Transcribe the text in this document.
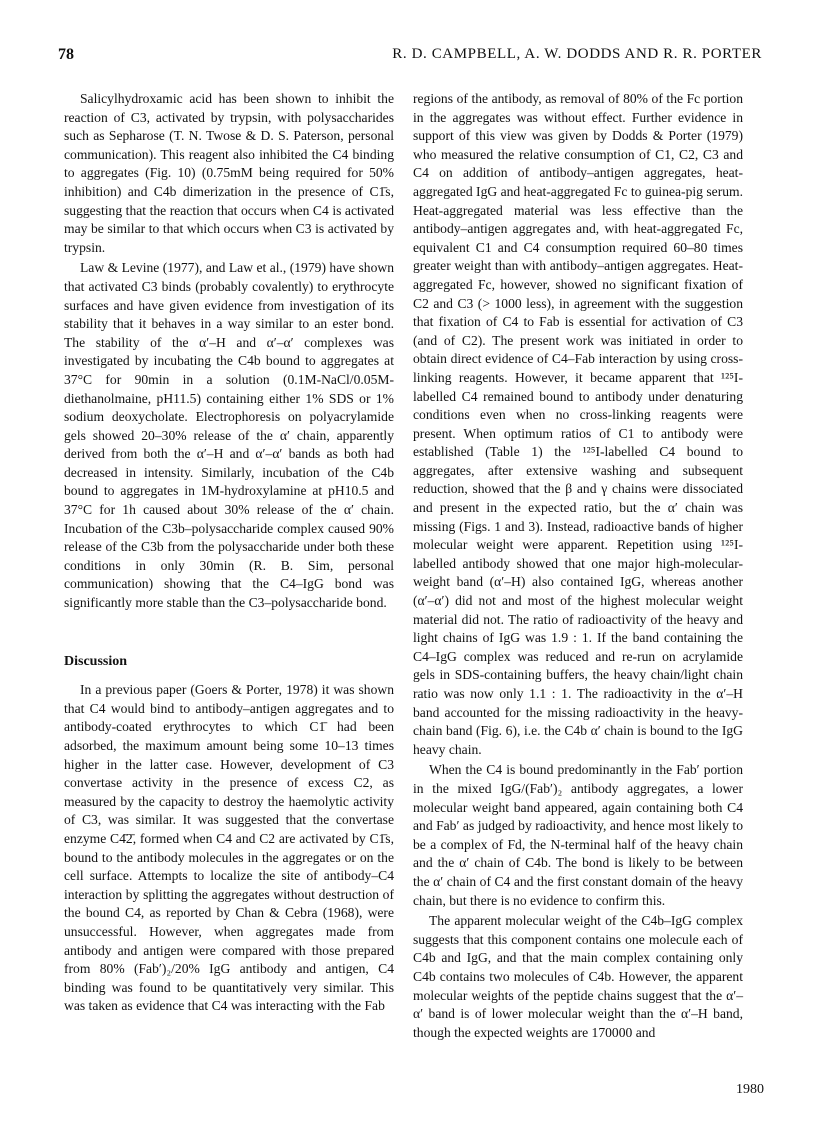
78	R. D. CAMPBELL, A. W. DODDS AND R. R. PORTER

Salicylhydroxamic acid has been shown to inhibit the reaction of C3, activated by trypsin, with polysaccharides such as Sepharose (T. N. Twose & D. S. Paterson, personal communication). This reagent also inhibited the C4 binding to aggregates (Fig. 10) (0.75mM being required for 50% inhibition) and C4b dimerization in the presence of C1̄s, suggesting that the reaction that occurs when C4 is activated may be similar to that which occurs when C3 is activated by trypsin.

Law & Levine (1977), and Law et al., (1979) have shown that activated C3 binds (probably covalently) to erythrocyte surfaces and have given evidence from investigation of its stability that it behaves in a way similar to an ester bond. The stability of the α′–H and α′–α′ complexes was investigated by incubating the C4b bound to aggregates at 37°C for 90min in a solution (0.1M-NaCl/0.05M-diethanolmaine, pH11.5) containing either 1% SDS or 1% sodium deoxycholate. Electrophoresis on polyacrylamide gels showed 20–30% release of the α′ chain, apparently derived from both the α′–H and α′–α′ bands as both had decreased in intensity. Similarly, incubation of the C4b bound to aggregates in 1M-hydroxylamine at pH10.5 and 37°C for 1h caused about 30% release of the α′ chain. Incubation of the C3b–polysaccharide complex caused 90% release of the C3b from the polysaccharide under both these conditions in only 30min (R. B. Sim, personal communication) showing that the C4–IgG bond was significantly more stable than the C3–polysaccharide bond.

Discussion

In a previous paper (Goers & Porter, 1978) it was shown that C4 would bind to antibody–antigen aggregates and to antibody-coated erythrocytes to which C1̄ had been adsorbed, the maximum amount being some 10–13 times higher in the latter case. However, development of C3 convertase activity in the presence of excess C2, as measured by the capacity to destroy the haemolytic activity of C3, was similar. It was suggested that the convertase enzyme C4̄2̄, formed when C4 and C2 are activated by C1̄s, bound to the antibody molecules in the aggregates or on the cell surface. Attempts to localize the site of antibody–C4 interaction by splitting the aggregates without destruction of the bound C4, as reported by Chan & Cebra (1968), were unsuccessful. However, when aggregates made from antibody and antigen were compared with those prepared from 80% (Fab′)₂/20% IgG antibody and antigen, C4 binding was found to be quantitatively very similar. This was taken as evidence that C4 was interacting with the Fab

regions of the antibody, as removal of 80% of the Fc portion in the aggregates was without effect. Further evidence in support of this view was given by Dodds & Porter (1979) who measured the relative consumption of C1, C2, C3 and C4 on addition of antibody–antigen aggregates, heat-aggregated IgG and heat-aggregated Fc to guinea-pig serum. Heat-aggregated material was less effective than the antibody–antigen aggregates and, with heat-aggregated Fc, equivalent C1 and C4 consumption required 60–80 times greater weight than with antibody–antigen aggregates. Heat-aggregated Fc, however, showed no significant fixation of C2 and C3 (> 1000 less), in agreement with the suggestion that fixation of C4 to Fab is essential for activation of C3 (and of C2). The present work was initiated in order to obtain direct evidence of C4–Fab interaction by using cross-linking reagents. However, it became apparent that ¹²⁵I-labelled C4 remained bound to antibody under denaturing conditions even when no cross-linking reagents were present. When optimum ratios of C1 to antibody were established (Table 1) the ¹²⁵I-labelled C4 bound to aggregates, after extensive washing and subsequent reduction, showed that the β and γ chains were dissociated and present in the expected ratio, but the α′ chain was missing (Figs. 1 and 3). Instead, radioactive bands of higher molecular weight were apparent. Repetition using ¹²⁵I-labelled antibody showed that one major high-molecular-weight band (α′–H) also contained IgG, whereas another (α′–α′) did not and most of the highest molecular weight material did not. The ratio of radioactivity of the heavy and light chains of IgG was 1.9 : 1. If the band containing the C4–IgG complex was reduced and re-run on acrylamide gels in SDS-containing buffers, the heavy chain/light chain ratio was now only 1.1 : 1. The radioactivity in the α′–H band accounted for the missing radioactivity in the heavy-chain band (Fig. 6), i.e. the C4b α′ chain is bound to the IgG heavy chain.

When the C4 is bound predominantly in the Fab′ portion in the mixed IgG/(Fab′)₂ antibody aggregates, a lower molecular weight band appeared, again containing both C4 and Fab′ as judged by radioactivity, and hence most likely to be a complex of Fd, the N-terminal half of the heavy chain and the α′ chain of C4b. The bond is likely to be between the α′ chain of C4 and the first constant domain of the heavy chain, but there is no evidence to confirm this.

The apparent molecular weight of the C4b–IgG complex suggests that this component contains one molecule each of C4b and IgG, and that the main complex containing only C4b contains two molecules of C4b. However, the apparent molecular weights of the peptide chains suggest that the α′–α′ band is of lower molecular weight than the α′–H band, though the expected weights are 170000 and

1980
